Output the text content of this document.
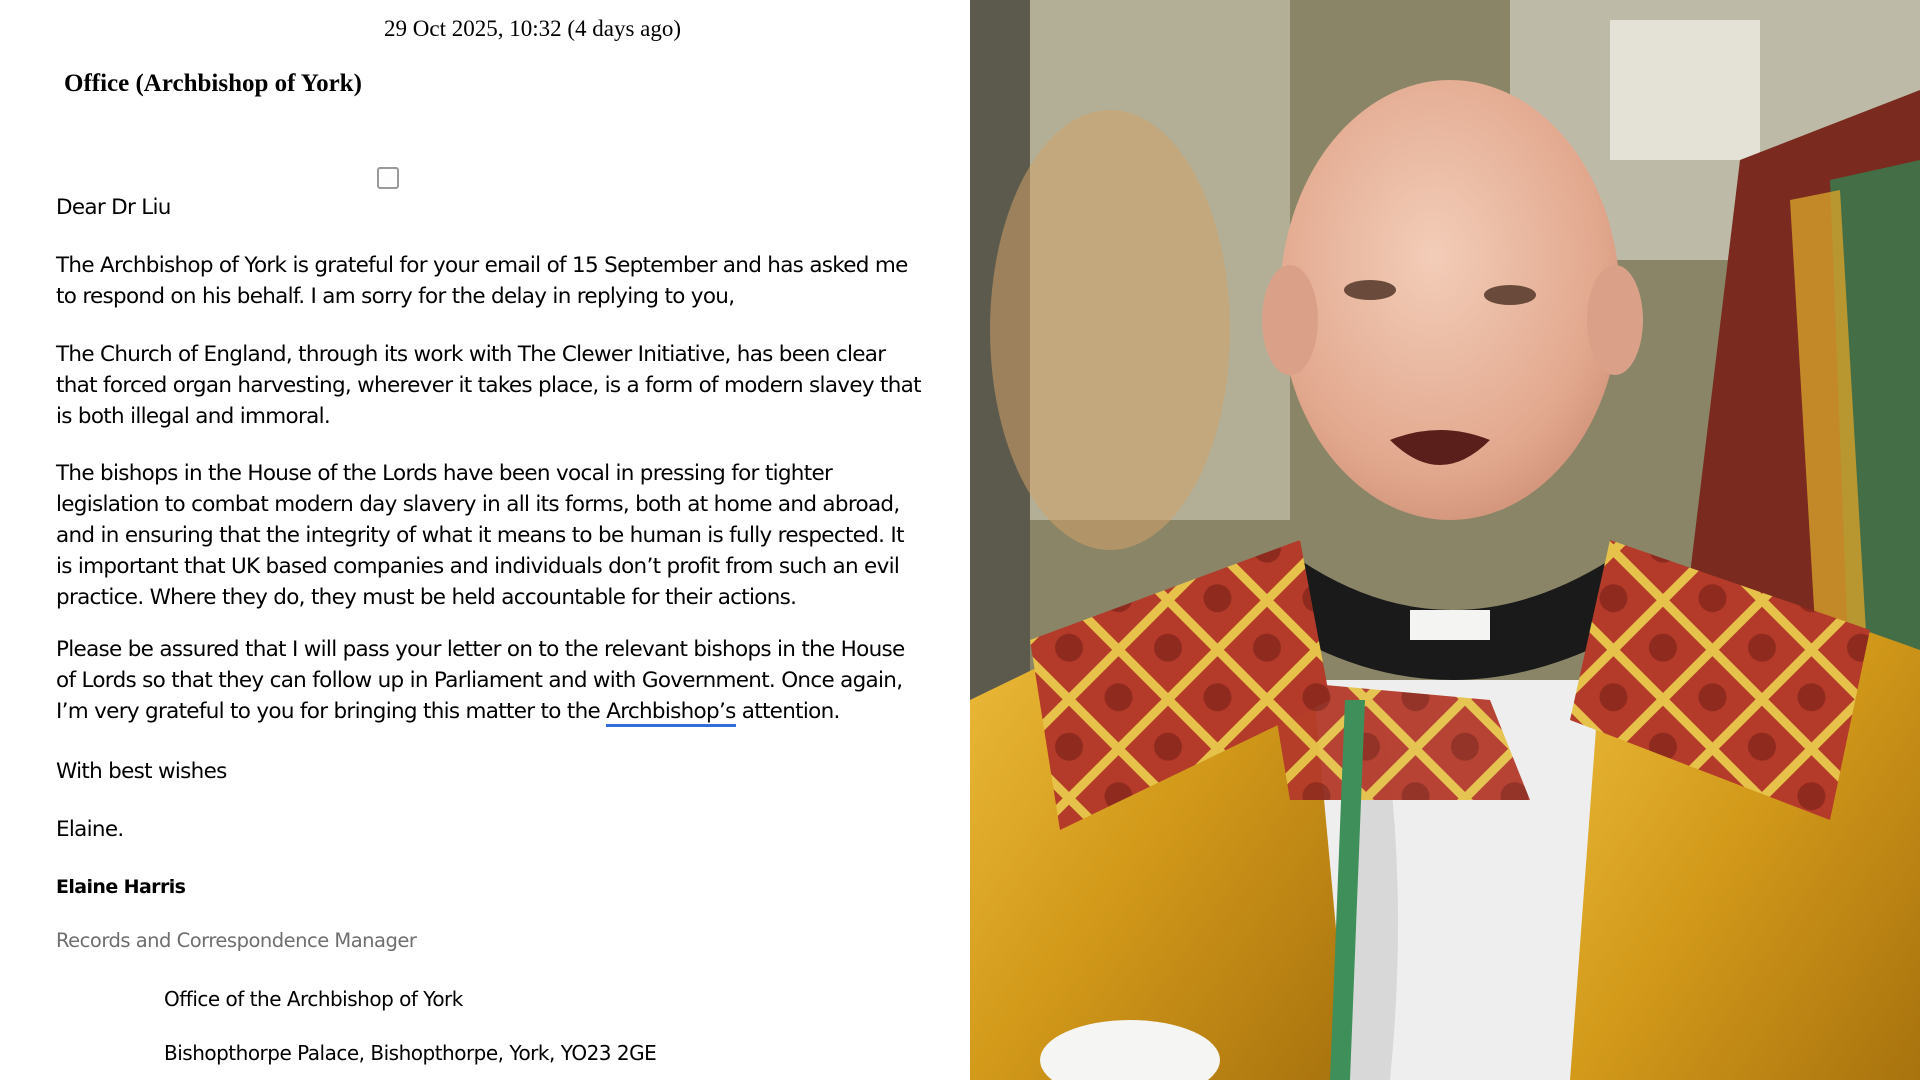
29 Oct 2025, 10:32 (4 days ago)

Office (Archbishop of York)

Dear Dr Liu

The Archbishop of York is grateful for your email of 15 September and has asked me
to respond on his behalf. I am sorry for the delay in replying to you,
The Church of England, through its work with The Clewer Initiative, has been clear
that forced organ harvesting, wherever it takes place, is a form of modern slavey that
is both illegal and immoral.
The bishops in the House of the Lords have been vocal in pressing for tighter
legislation to combat modern day slavery in all its forms, both at home and abroad,
and in ensuring that the integrity of what it means to be human is fully respected. It
is important that UK based companies and individuals don’t profit from such an evil
practice. Where they do, they must be held accountable for their actions.
Please be assured that I will pass your letter on to the relevant bishops in the House
of Lords so that they can follow up in Parliament and with Government. Once again,
I’m very grateful to you for bringing this matter to the Archbishop’s attention.

With best wishes

Elaine.

Elaine Harris

Records and Correspondence Manager

Office of the Archbishop of York

Bishopthorpe Palace, Bishopthorpe, York, YO23 2GE
